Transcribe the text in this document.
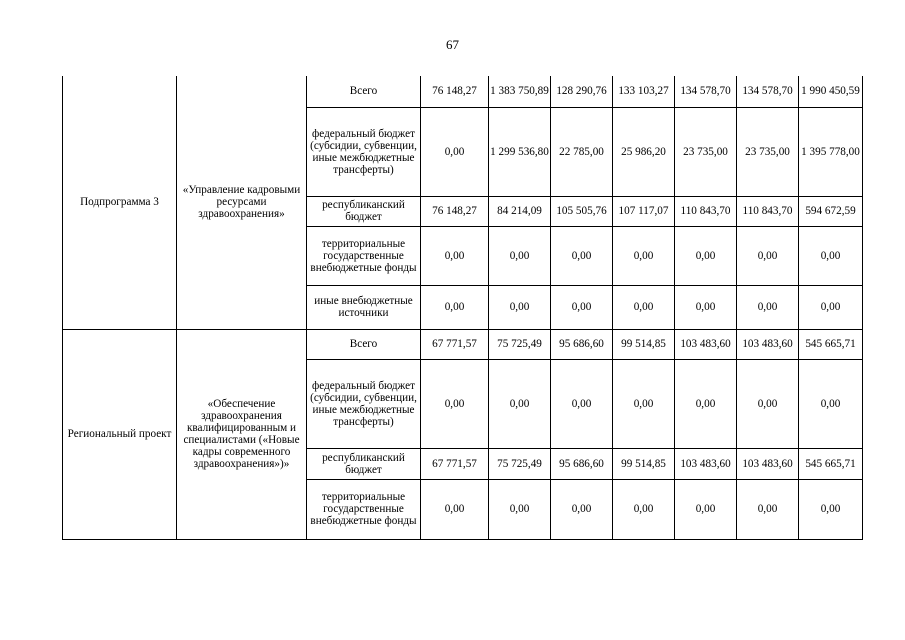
67
Подпрограмма 3	«Управление кадровыми ресурсами здравоохранения»	Всего	76 148,27	1 383 750,89	128 290,76	133 103,27	134 578,70	134 578,70	1 990 450,59
		федеральный бюджет (субсидии, субвенции, иные межбюджетные трансферты)	0,00	1 299 536,80	22 785,00	25 986,20	23 735,00	23 735,00	1 395 778,00
		республиканский бюджет	76 148,27	84 214,09	105 505,76	107 117,07	110 843,70	110 843,70	594 672,59
		территориальные государственные внебюджетные фонды	0,00	0,00	0,00	0,00	0,00	0,00	0,00
		иные внебюджетные источники	0,00	0,00	0,00	0,00	0,00	0,00	0,00
Региональный проект	«Обеспечение здравоохранения квалифицированным и специалистами («Новые кадры современного здравоохранения»)»	Всего	67 771,57	75 725,49	95 686,60	99 514,85	103 483,60	103 483,60	545 665,71
		федеральный бюджет (субсидии, субвенции, иные межбюджетные трансферты)	0,00	0,00	0,00	0,00	0,00	0,00	0,00
		республиканский бюджет	67 771,57	75 725,49	95 686,60	99 514,85	103 483,60	103 483,60	545 665,71
		территориальные государственные внебюджетные фонды	0,00	0,00	0,00	0,00	0,00	0,00	0,00
